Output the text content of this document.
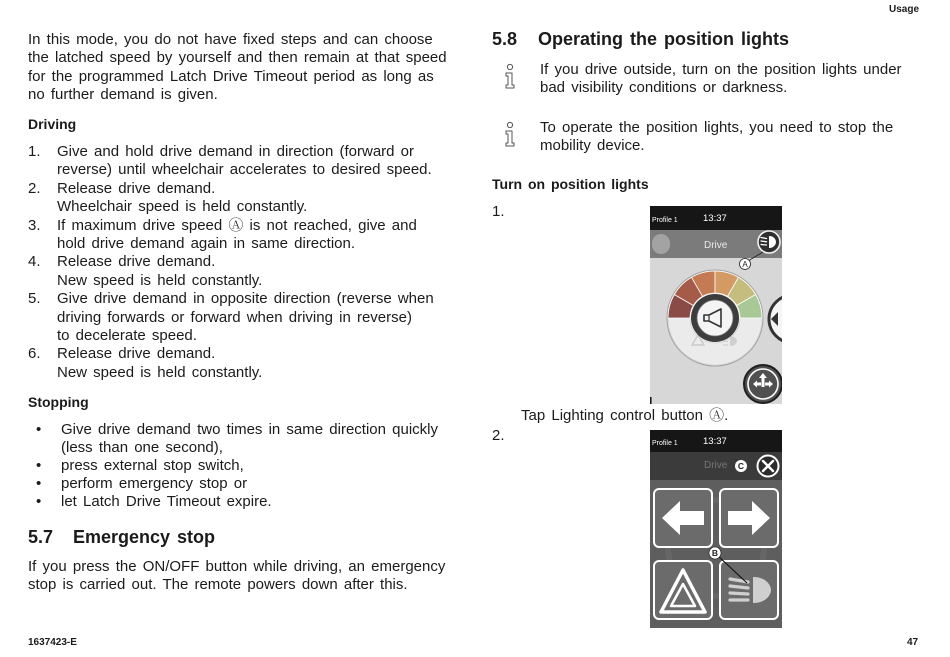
Usage
In this mode, you do not have fixed steps and can choose
the latched speed by yourself and then remain at that speed
for the programmed Latch Drive Timeout period as long as
no further demand is given.
Driving
1.	Give and hold drive demand in direction (forward or
reverse) until wheelchair accelerates to desired speed.
2.	Release drive demand.
Wheelchair speed is held constantly.
3.	If maximum drive speed Ⓐ is not reached, give and
hold drive demand again in same direction.
4.	Release drive demand.
New speed is held constantly.
5.	Give drive demand in opposite direction (reverse when
driving forwards or forward when driving in reverse)
to decelerate speed.
6.	Release drive demand.
New speed is held constantly.
Stopping
•	Give drive demand two times in same direction quickly
(less than one second),
•	press external stop switch,
•	perform emergency stop or
•	let Latch Drive Timeout expire.
5.7	Emergency stop
If you press the ON/OFF button while driving, an emergency
stop is carried out. The remote powers down after this.
5.8	Operating the position lights
If you drive outside, turn on the position lights under
bad visibility conditions or darkness.
To operate the position lights, you need to stop the
mobility device.
Turn on position lights
1.
Profile 1	13:37
Drive
A
Tap Lighting control button Ⓐ.
2.	Profile 1	13:37
Drive C
B
1637423-E	47
